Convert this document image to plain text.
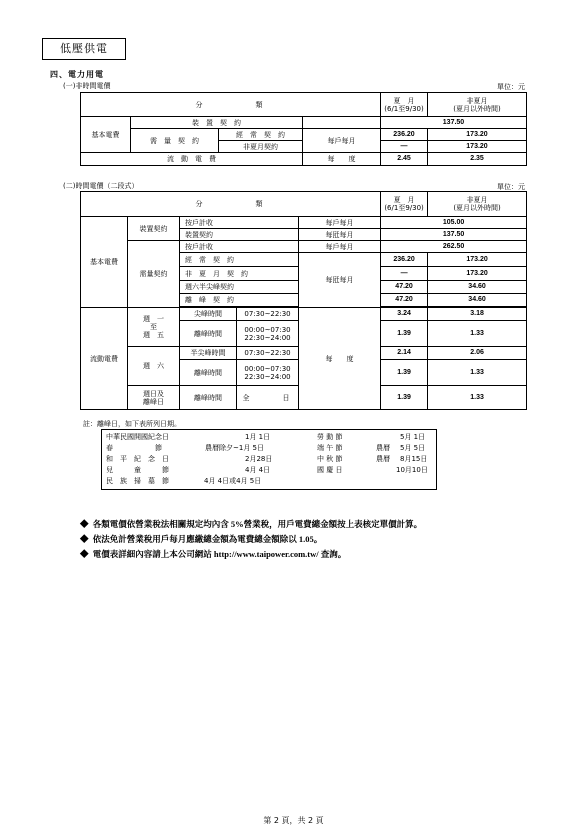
低壓供電
四、電力用電
(一)非時間電價	單位：元
分　　　　　類				夏　月
(6/1至9/30)	非夏月
(夏月以外時間)
基本電費	裝　置　契　約			137.50	
	需　量　契　約	經　常　契　約	每戶每月	236.20	173.20
		非夏月契約		—	173.20
流　動　電　費			每　　度	2.45	2.35
(二)時間電價（二段式）	單位：元
分　　　　　類					夏　月
(6/1至9/30)	非夏月
(夏月以外時間)
基本電費	裝置契約	按戶計收		每戶每月	105.00	
		裝置契約		每瓩每月	137.50	
	需量契約	按戶計收		每戶每月	262.50	
		經　常　契　約		每瓩每月	236.20	173.20
		非　夏　月　契　約			—	173.20
		週六半尖峰契約			47.20	34.60
		離　峰　契　約			47.20	34.60

流動電費	週　一
至
週　五	尖峰時間	07:30~22:30	每　　度	3.24	3.18
		離峰時間	00:00~07:30
22:30~24:00		1.39	1.33
	週　六	半尖峰時間	07:30~22:30		2.14	2.06
		離峰時間	00:00~07:30
22:30~24:00		1.39	1.33
	週日及
離峰日	離峰時間	全　　　日		1.39	1.33
註：離峰日，如下表所列日期。
中華民國開國紀念日	1月 1日
春　　　　　　節	農曆除夕~1月 5日
和　平　紀　念　日	2月28日
兒　　　童　　　節	4月 4日
民　族　掃　墓　節	4月 4日或4月 5日
勞 動 節	5月 1日
端 午 節	農曆 5月 5日
中 秋 節	農曆 8月15日
國 慶 日	10月10日
◆ 各類電價依營業稅法相關規定均內含 5%營業稅，用戶電費總金額按上表核定單價計算。
◆ 依法免計營業稅用戶每月應繳總金額為電費總金額除以 1.05。
◆ 電價表詳細內容請上本公司網站 http://www.taipower.com.tw/ 查詢。
第 2 頁，共 2 頁
